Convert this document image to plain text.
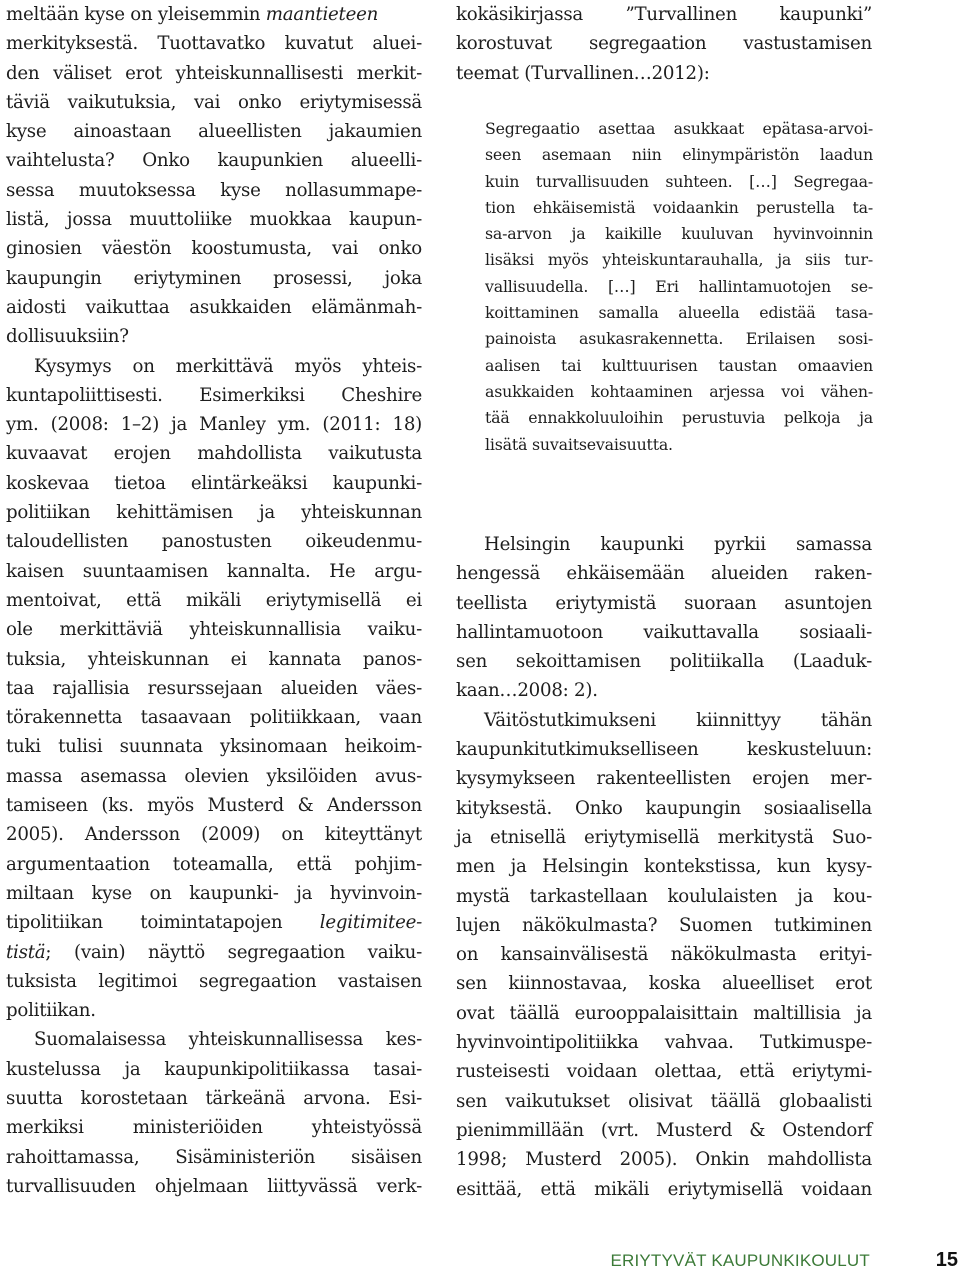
meltään kyse on yleisemmin maantieteen
merkityksestä. Tuottavatko kuvatut aluei-
den väliset erot yhteiskunnallisesti merkit-
täviä vaikutuksia, vai onko eriytymisessä
kyse ainoastaan alueellisten jakaumien
vaihtelusta? Onko kaupunkien alueelli-
sessa muutoksessa kyse nollasummape-
listä, jossa muuttoliike muokkaa kaupun-
ginosien väestön koostumusta, vai onko
kaupungin eriytyminen prosessi, joka
aidosti vaikuttaa asukkaiden elämänmah-
dollisuuksiin?
Kysymys on merkittävä myös yhteis-
kuntapoliittisesti. Esimerkiksi Cheshire
ym. (2008: 1–2) ja Manley ym. (2011: 18)
kuvaavat erojen mahdollista vaikutusta
koskevaa tietoa elintärkeäksi kaupunki-
politiikan kehittämisen ja yhteiskunnan
taloudellisten panostusten oikeudenmu-
kaisen suuntaamisen kannalta. He argu-
mentoivat, että mikäli eriytymisellä ei
ole merkittäviä yhteiskunnallisia vaiku-
tuksia, yhteiskunnan ei kannata panos-
taa rajallisia resurssejaan alueiden väes-
törakennetta tasaavaan politiikkaan, vaan
tuki tulisi suunnata yksinomaan heikoim-
massa asemassa olevien yksilöiden avus-
tamiseen (ks. myös Musterd & Andersson
2005). Andersson (2009) on kiteyttänyt
argumentaation toteamalla, että pohjim-
miltaan kyse on kaupunki- ja hyvinvoin-
tipolitiikan toimintatapojen legitimitee-
tistä; (vain) näyttö segregaation vaiku-
tuksista legitimoi segregaation vastaisen
politiikan.
Suomalaisessa yhteiskunnallisessa kes-
kustelussa ja kaupunkipolitiikassa tasai-
suutta korostetaan tärkeänä arvona. Esi-
merkiksi ministeriöiden yhteistyössä
rahoittamassa, Sisäministeriön sisäisen
turvallisuuden ohjelmaan liittyvässä verk-
kokäsikirjassa ”Turvallinen kaupunki”
korostuvat segregaation vastustamisen
teemat (Turvallinen…2012):
Segregaatio asettaa asukkaat epätasa-arvoi-
seen asemaan niin elinympäristön laadun
kuin turvallisuuden suhteen. […] Segregaa-
tion ehkäisemistä voidaankin perustella ta-
sa-arvon ja kaikille kuuluvan hyvinvoinnin
lisäksi myös yhteiskuntarauhalla, ja siis tur-
vallisuudella. […] Eri hallintamuotojen se-
koittaminen samalla alueella edistää tasa-
painoista asukasrakennetta. Erilaisen sosi-
aalisen tai kulttuurisen taustan omaavien
asukkaiden kohtaaminen arjessa voi vähen-
tää ennakkoluuloihin perustuvia pelkoja ja
lisätä suvaitsevaisuutta.
Helsingin kaupunki pyrkii samassa
hengessä ehkäisemään alueiden raken-
teellista eriytymistä suoraan asuntojen
hallintamuotoon vaikuttavalla sosiaali-
sen sekoittamisen politiikalla (Laaduk-
kaan…2008: 2).
Väitöstutkimukseni kiinnittyy tähän
kaupunkitutkimukselliseen keskusteluun:
kysymykseen rakenteellisten erojen mer-
kityksestä. Onko kaupungin sosiaalisella
ja etnisellä eriytymisellä merkitystä Suo-
men ja Helsingin kontekstissa, kun kysy-
mystä tarkastellaan koululaisten ja kou-
lujen näkökulmasta? Suomen tutkiminen
on kansainvälisestä näkökulmasta erityi-
sen kiinnostavaa, koska alueelliset erot
ovat täällä eurooppalaisittain maltillisia ja
hyvinvointipolitiikka vahvaa. Tutkimuspe-
rusteisesti voidaan olettaa, että eriytymi-
sen vaikutukset olisivat täällä globaalisti
pienimmillään (vrt. Musterd & Ostendorf
1998; Musterd 2005). Onkin mahdollista
esittää, että mikäli eriytymisellä voidaan
ERIYTYVÄT KAUPUNKIKOULUT	15
